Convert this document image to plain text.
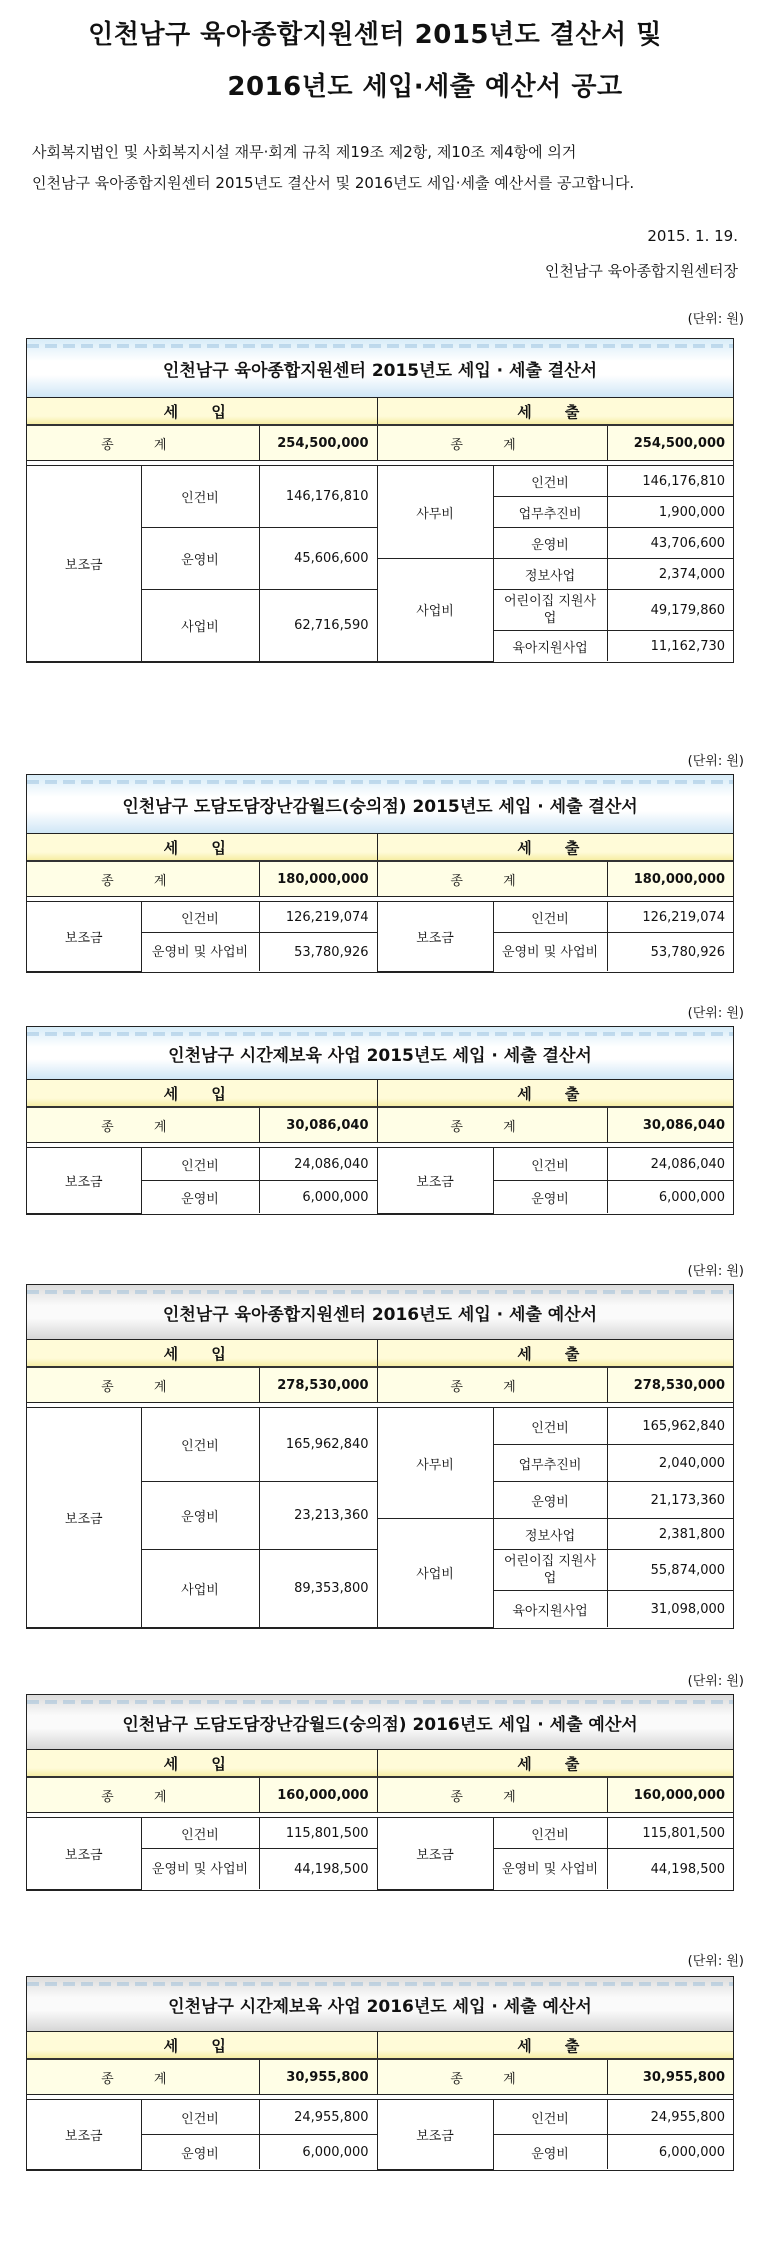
인천남구 육아종합지원센터 2015년도 결산서 및
2016년도 세입·세출 예산서 공고

사회복지법인 및 사회복지시설 재무·회계 규칙 제19조 제2항, 제10조 제4항에 의거

인천남구 육아종합지원센터 2015년도 결산서 및 2016년도 세입·세출 예산서를 공고합니다.

2015. 1. 19.

인천남구 육아종합지원센터장

(단위: 원)
인천남구 육아종합지원센터 2015년도 세입 · 세출 결산서
세 입			세 출		
종 계		254,500,000	종 계		254,500,000

보조금	인건비	146,176,810	사무비	인건비	146,176,810
				업무추진비	1,900,000
	운영비	45,606,600		운영비	43,706,600
			사업비	정보사업	2,374,000
	사업비	62,716,590		어린이집 지원사업	49,179,860
				육아지원사업	11,162,730
(단위: 원)
인천남구 도담도담장난감월드(숭의점) 2015년도 세입 · 세출 결산서
세 입			세 출		
종 계		180,000,000	종 계		180,000,000

보조금	인건비	126,219,074	보조금	인건비	126,219,074
	운영비 및 사업비	53,780,926		운영비 및 사업비	53,780,926
(단위: 원)
인천남구 시간제보육 사업 2015년도 세입 · 세출 결산서
세 입			세 출		
종 계		30,086,040	종 계		30,086,040

보조금	인건비	24,086,040	보조금	인건비	24,086,040
	운영비	6,000,000		운영비	6,000,000
(단위: 원)
인천남구 육아종합지원센터 2016년도 세입 · 세출 예산서
세 입			세 출		
종 계		278,530,000	종 계		278,530,000

보조금	인건비	165,962,840	사무비	인건비	165,962,840
				업무추진비	2,040,000
	운영비	23,213,360		운영비	21,173,360
			사업비	정보사업	2,381,800
	사업비	89,353,800		어린이집 지원사업	55,874,000
				육아지원사업	31,098,000
(단위: 원)
인천남구 도담도담장난감월드(숭의점) 2016년도 세입 · 세출 예산서
세 입			세 출		
종 계		160,000,000	종 계		160,000,000

보조금	인건비	115,801,500	보조금	인건비	115,801,500
	운영비 및 사업비	44,198,500		운영비 및 사업비	44,198,500
(단위: 원)
인천남구 시간제보육 사업 2016년도 세입 · 세출 예산서
세 입			세 출		
종 계		30,955,800	종 계		30,955,800

보조금	인건비	24,955,800	보조금	인건비	24,955,800
	운영비	6,000,000		운영비	6,000,000
